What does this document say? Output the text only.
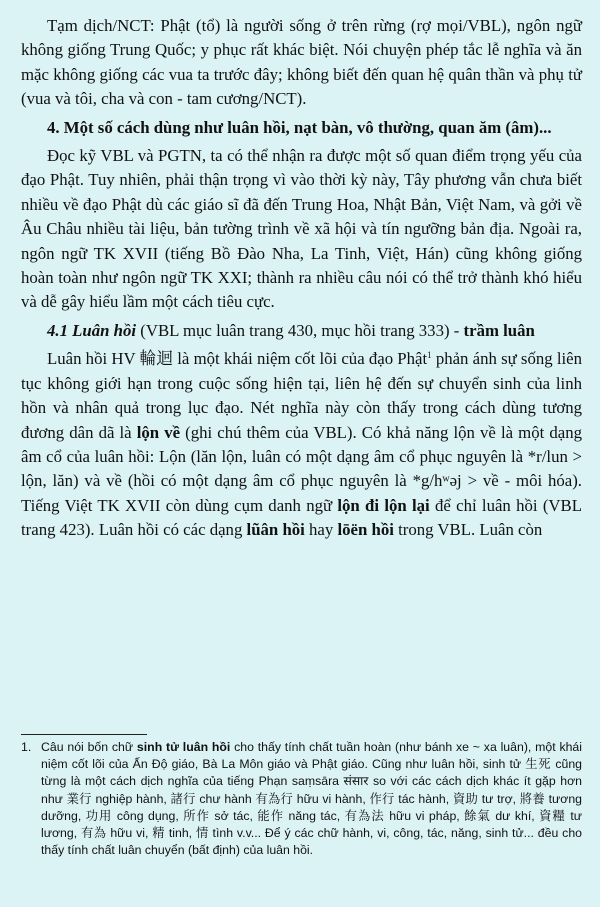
Tạm dịch/NCT: Phật (tổ) là người sống ở trên rừng (rợ mọi/VBL), ngôn ngữ không giống Trung Quốc; y phục rất khác biệt. Nói chuyện phép tắc lễ nghĩa và ăn mặc không giống các vua ta trước đây; không biết đến quan hệ quân thần và phụ tử (vua và tôi, cha và con - tam cương/NCT).

4. Một số cách dùng như luân hồi, nạt bàn, vô thường, quan ăm (âm)...

Đọc kỹ VBL và PGTN, ta có thể nhận ra được một số quan điểm trọng yếu của đạo Phật. Tuy nhiên, phải thận trọng vì vào thời kỳ này, Tây phương vẫn chưa biết nhiều về đạo Phật dù các giáo sĩ đã đến Trung Hoa, Nhật Bản, Việt Nam, và gởi về Âu Châu nhiều tài liệu, bản tường trình về xã hội và tín ngưỡng bản địa. Ngoài ra, ngôn ngữ TK XVII (tiếng Bồ Đào Nha, La Tinh, Việt, Hán) cũng không giống hoàn toàn như ngôn ngữ TK XXI; thành ra nhiều câu nói có thể trở thành khó hiểu và dễ gây hiểu lầm một cách tiêu cực.

4.1 Luân hồi (VBL mục luân trang 430, mục hồi trang 333) - trầm luân

Luân hồi HV 輪迴 là một khái niệm cốt lõi của đạo Phật$^1$ phản ánh sự sống liên tục không giới hạn trong cuộc sống hiện tại, liên hệ đến sự chuyển sinh của linh hồn và nhân quả trong lục đạo. Nét nghĩa này còn thấy trong cách dùng tương đương dân dã là lộn về (ghi chú thêm của VBL). Có khả năng lộn về là một dạng âm cổ của luân hồi: Lộn (lăn lộn, luân có một dạng âm cổ phục nguyên là *r/lun > lộn, lăn) và về (hồi có một dạng âm cổ phục nguyên là *g/hʷəj > về - môi hóa). Tiếng Việt TK XVII còn dùng cụm danh ngữ lộn đi lộn lại để chỉ luân hồi (VBL trang 423). Luân hồi có các dạng lũân hồi hay lōën hồi trong VBL. Luân còn

1. Câu nói bốn chữ sinh tử luân hồi cho thấy tính chất tuần hoàn (như bánh xe ~ xa luân), một khái niệm cốt lõi của Ấn Độ giáo, Bà La Môn giáo và Phật giáo. Cũng như luân hồi, sinh tử 生死 cũng từng là một cách dịch nghĩa của tiếng Phạn saṃsāra संसार so với các cách dịch khác ít gặp hơn như 業行 nghiệp hành, 諸行 chư hành 有為行 hữu vi hành, 作行 tác hành, 資助 tư trợ, 將養 tương dưỡng, 功用 công dụng, 所作 sở tác, 能作 năng tác, 有為法 hữu vi pháp, 餘氣 dư khí, 資糧 tư lương, 有為 hữu vi, 精 tinh, 情 tình v.v... Để ý các chữ hành, vi, công, tác, năng, sinh tử... đều cho thấy tính chất luân chuyển (bất định) của luân hồi.
